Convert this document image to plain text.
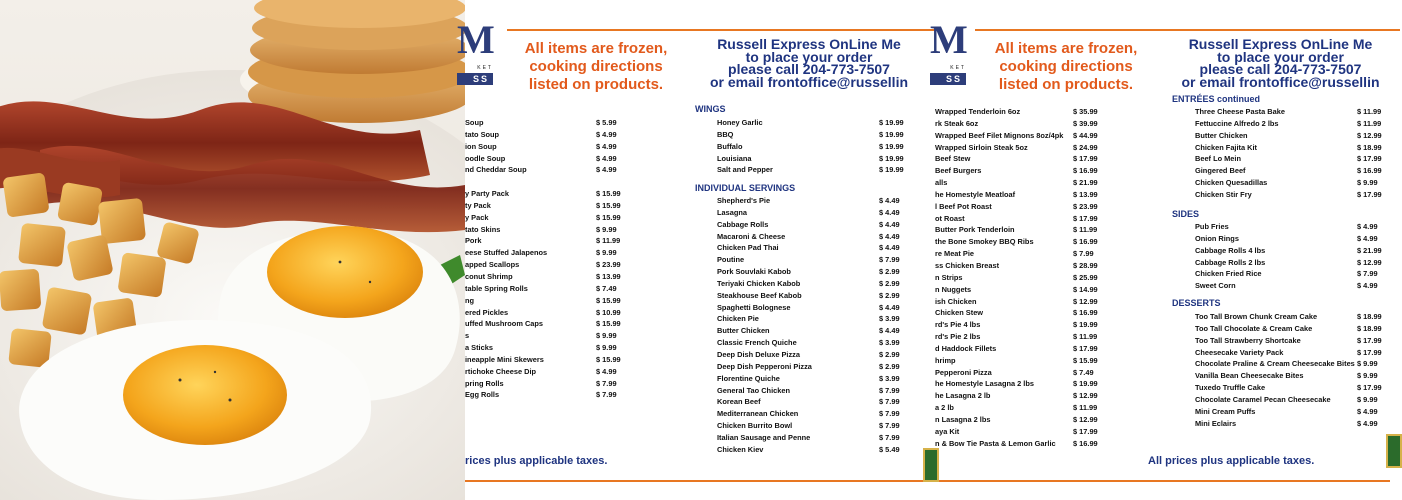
M
KET
SS
All items are frozen,
cooking directions
listed on products.
Russell Express OnLine Me
to place your order
please call 204-773-7507
or email frontoffice@russellin
Soup	$ 5.99
tato Soup	$ 4.99
ion Soup	$ 4.99
oodle Soup	$ 4.99
nd Cheddar Soup	$ 4.99
y Party Pack	$ 15.99
ty Pack	$ 15.99
y Pack	$ 15.99
tato Skins	$ 9.99
Pork	$ 11.99
eese Stuffed Jalapenos	$ 9.99
apped Scallops	$ 23.99
conut Shrimp	$ 13.99
table Spring Rolls	$ 7.49
ng	$ 15.99
ered Pickles	$ 10.99
uffed Mushroom Caps	$ 15.99
s	$ 9.99
a Sticks	$ 9.99
ineapple Mini Skewers	$ 15.99
rtichoke Cheese Dip	$ 4.99
pring Rolls	$ 7.99
Egg Rolls	$ 7.99
WINGS
Honey Garlic	$ 19.99
BBQ	$ 19.99
Buffalo	$ 19.99
Louisiana	$ 19.99
Salt and Pepper	$ 19.99
INDIVIDUAL SERVINGS
Shepherd's Pie	$ 4.49
Lasagna	$ 4.49
Cabbage Rolls	$ 4.49
Macaroni & Cheese	$ 4.49
Chicken Pad Thai	$ 4.49
Poutine	$ 7.99
Pork Souvlaki Kabob	$ 2.99
Teriyaki Chicken Kabob	$ 2.99
Steakhouse Beef Kabob	$ 2.99
Spaghetti Bolognese	$ 4.49
Chicken Pie	$ 3.99
Butter Chicken	$ 4.49
Classic French Quiche	$ 3.99
Deep Dish Deluxe Pizza	$ 2.99
Deep Dish Pepperoni Pizza	$ 2.99
Florentine Quiche	$ 3.99
General Tao Chicken	$ 7.99
Korean Beef	$ 7.99
Mediterranean Chicken	$ 7.99
Chicken Burrito Bowl	$ 7.99
Italian Sausage and Penne	$ 7.99
Chicken Kiev	$ 5.49
rices plus applicable taxes.
M
KET
SS
All items are frozen,
cooking directions
listed on products.
Russell Express OnLine Me
to place your order
please call 204-773-7507
or email frontoffice@russellin
Wrapped Tenderloin 6oz	$ 35.99
rk Steak 6oz	$ 39.99
Wrapped Beef Filet Mignons 8oz/4pk $ 44.99
Wrapped Sirloin Steak 5oz	$ 24.99
Beef Stew	$ 17.99
Beef Burgers	$ 16.99
alls	$ 21.99
he Homestyle Meatloaf	$ 13.99
l Beef Pot Roast	$ 23.99
ot Roast	$ 17.99
Butter Pork Tenderloin	$ 11.99
the Bone Smokey BBQ Ribs	$ 16.99
re Meat Pie	$ 7.99
ss Chicken Breast	$ 28.99
n Strips	$ 25.99
n Nuggets	$ 14.99
ish Chicken	$ 12.99
Chicken Stew	$ 16.99
rd's Pie 4 lbs	$ 19.99
rd's Pie 2 lbs	$ 11.99
d Haddock Fillets	$ 17.99
hrimp	$ 15.99
Pepperoni Pizza	$ 7.49
he Homestyle Lasagna 2 lbs	$ 19.99
he Lasagna 2 lb	$ 12.99
a 2 lb	$ 11.99
n Lasagna 2 lbs	$ 12.99
aya Kit	$ 17.99
n & Bow Tie Pasta & Lemon Garlic $ 16.99
ENTRÉES continued
Three Cheese Pasta Bake	$ 11.99
Fettuccine Alfredo 2 lbs	$ 11.99
Butter Chicken	$ 12.99
Chicken Fajita Kit	$ 18.99
Beef Lo Mein	$ 17.99
Gingered Beef	$ 16.99
Chicken Quesadillas	$ 9.99
Chicken Stir Fry	$ 17.99
SIDES
Pub Fries	$ 4.99
Onion Rings	$ 4.99
Cabbage Rolls 4 lbs	$ 21.99
Cabbage Rolls 2 lbs	$ 12.99
Chicken Fried Rice	$ 7.99
Sweet Corn	$ 4.99
DESSERTS
Too Tall Brown Chunk Cream Cake	$ 18.99
Too Tall Chocolate & Cream Cake	$ 18.99
Too Tall Strawberry Shortcake	$ 17.99
Cheesecake Variety Pack	$ 17.99
Chocolate Praline & Cream Cheesecake Bites $ 9.99
Vanilla Bean Cheesecake Bites	$ 9.99
Tuxedo Truffle Cake	$ 17.99
Chocolate Caramel Pecan Cheesecake	$ 9.99
Mini Cream Puffs	$ 4.99
Mini Eclairs	$ 4.99
All prices plus applicable taxes.
